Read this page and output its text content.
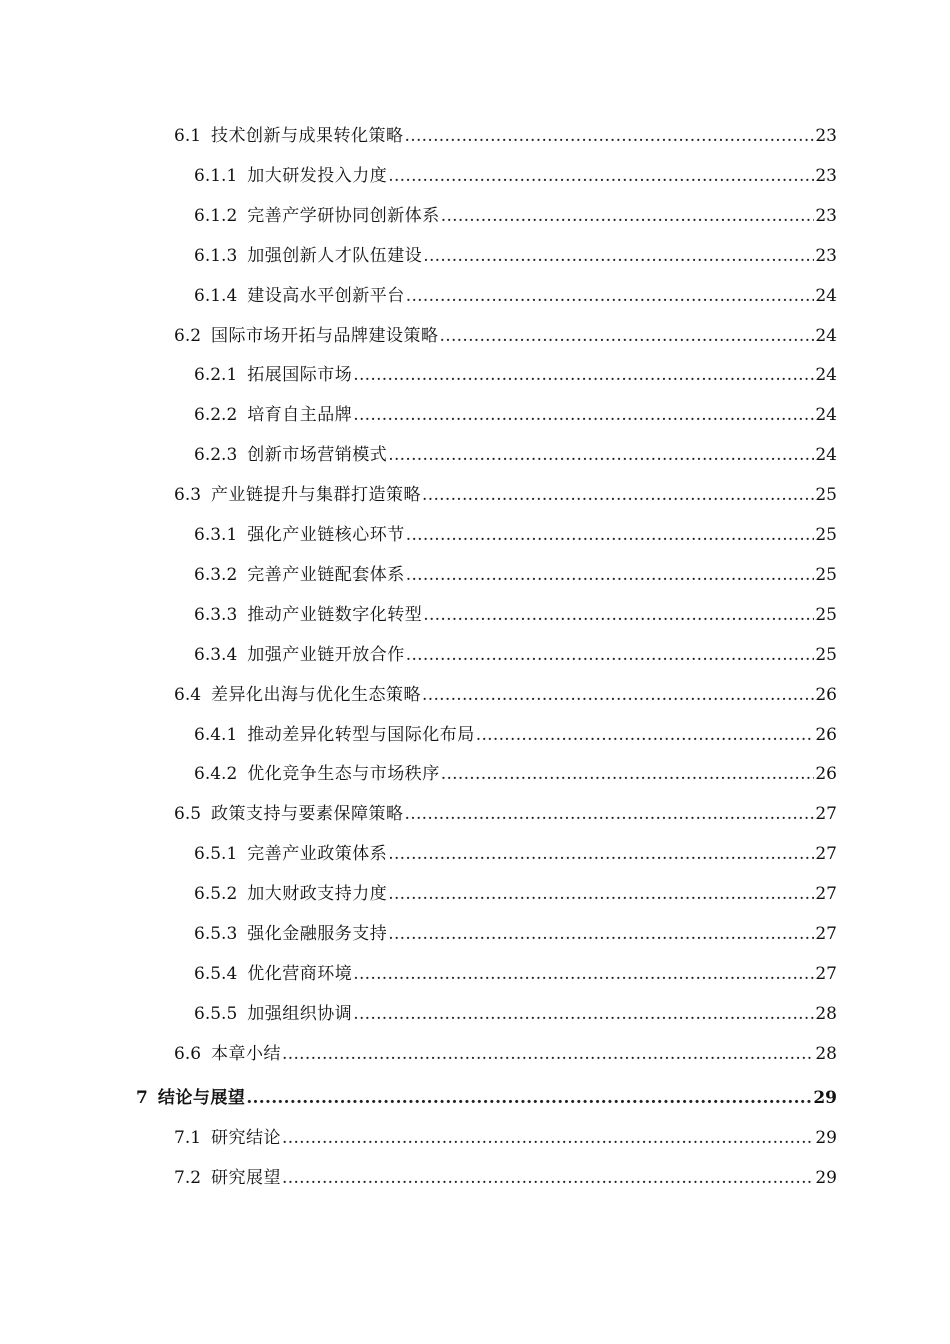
6.1 技术创新与成果转化策略 .....	23
6.1.1 加大研发投入力度 .....	23
6.1.2 完善产学研协同创新体系 .....	23
6.1.3 加强创新人才队伍建设 .....	23
6.1.4 建设高水平创新平台 .....	24
6.2 国际市场开拓与品牌建设策略 .....	24
6.2.1 拓展国际市场 .....	24
6.2.2 培育自主品牌 .....	24
6.2.3 创新市场营销模式 .....	24
6.3 产业链提升与集群打造策略 .....	25
6.3.1 强化产业链核心环节 .....	25
6.3.2 完善产业链配套体系 .....	25
6.3.3 推动产业链数字化转型 .....	25
6.3.4 加强产业链开放合作 .....	25
6.4 差异化出海与优化生态策略 .....	26
6.4.1 推动差异化转型与国际化布局 .....	26
6.4.2 优化竞争生态与市场秩序 .....	26
6.5 政策支持与要素保障策略 .....	27
6.5.1 完善产业政策体系 .....	27
6.5.2 加大财政支持力度 .....	27
6.5.3 强化金融服务支持 .....	27
6.5.4 优化营商环境 .....	27
6.5.5 加强组织协调 .....	28
6.6 本章小结 .....	28
7 结论与展望 .....	29
7.1 研究结论 .....	29
7.2 研究展望 .....	29
